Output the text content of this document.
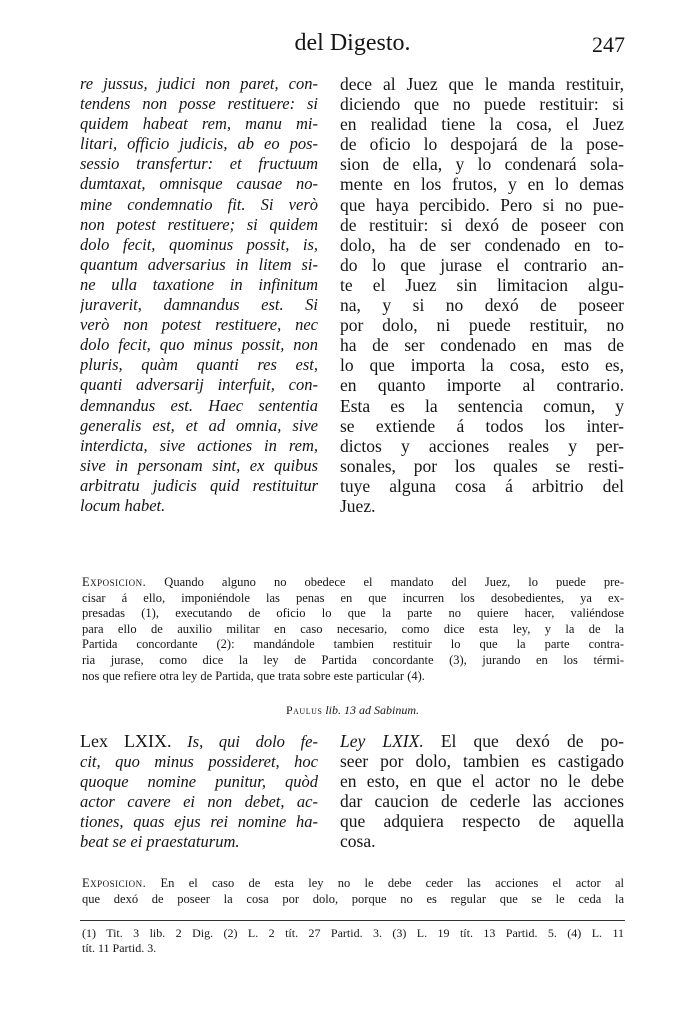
del Digesto.	247
re jussus, judici non paret, con-
tendens non posse restituere: si
quidem habeat rem, manu mi-
litari, officio judicis, ab eo pos-
sessio transfertur: et fructuum
dumtaxat, omnisque causae no-
mine condemnatio fit. Si verò
non potest restituere; si quidem
dolo fecit, quominus possit, is,
quantum adversarius in litem si-
ne ulla taxatione in infinitum
juraverit, damnandus est. Si
verò non potest restituere, nec
dolo fecit, quo minus possit, non
pluris, quàm quanti res est,
quanti adversarij interfuit, con-
demnandus est. Haec sententia
generalis est, et ad omnia, sive
interdicta, sive actiones in rem,
sive in personam sint, ex quibus
arbitratu judicis quid restituitur
locum habet.
dece al Juez que le manda restituir,
diciendo que no puede restituir: si
en realidad tiene la cosa, el Juez
de oficio lo despojará de la pose-
sion de ella, y lo condenará sola-
mente en los frutos, y en lo demas
que haya percibido. Pero si no pue-
de restituir: si dexó de poseer con
dolo, ha de ser condenado en to-
do lo que jurase el contrario an-
te el Juez sin limitacion algu-
na, y si no dexó de poseer
por dolo, ni puede restituir, no
ha de ser condenado en mas de
lo que importa la cosa, esto es,
en quanto importe al contrario.
Esta es la sentencia comun, y
se extiende á todos los inter-
dictos y acciones reales y per-
sonales, por los quales se resti-
tuye alguna cosa á arbitrio del
Juez.
Exposicion. Quando alguno no obedece el mandato del Juez, lo puede pre-
cisar á ello, imponiéndole las penas en que incurren los desobedientes, ya ex-
presadas (1), executando de oficio lo que la parte no quiere hacer, valiéndose
para ello de auxilio militar en caso necesario, como dice esta ley, y la de la
Partida concordante (2): mandándole tambien restituir lo que la parte contra-
ria jurase, como dice la ley de Partida concordante (3), jurando en los térmi-
nos que refiere otra ley de Partida, que trata sobre este particular (4).
Paulus lib. 13 ad Sabinum.
Lex LXIX. Is, qui dolo fe-
cit, quo minus possideret, hoc
quoque nomine punitur, quòd
actor cavere ei non debet, ac-
tiones, quas ejus rei nomine ha-
beat se ei praestaturum.
Ley LXIX. El que dexó de po-
seer por dolo, tambien es castigado
en esto, en que el actor no le debe
dar caucion de cederle las acciones
que adquiera respecto de aquella
cosa.
Exposicion. En el caso de esta ley no le debe ceder las acciones el actor al
que dexó de poseer la cosa por dolo, porque no es regular que se le ceda la
(1) Tit. 3 lib. 2 Dig. (2) L. 2 tít. 27 Partid. 3. (3) L. 19 tít. 13 Partid. 5. (4) L. 11
tít. 11 Partid. 3.
